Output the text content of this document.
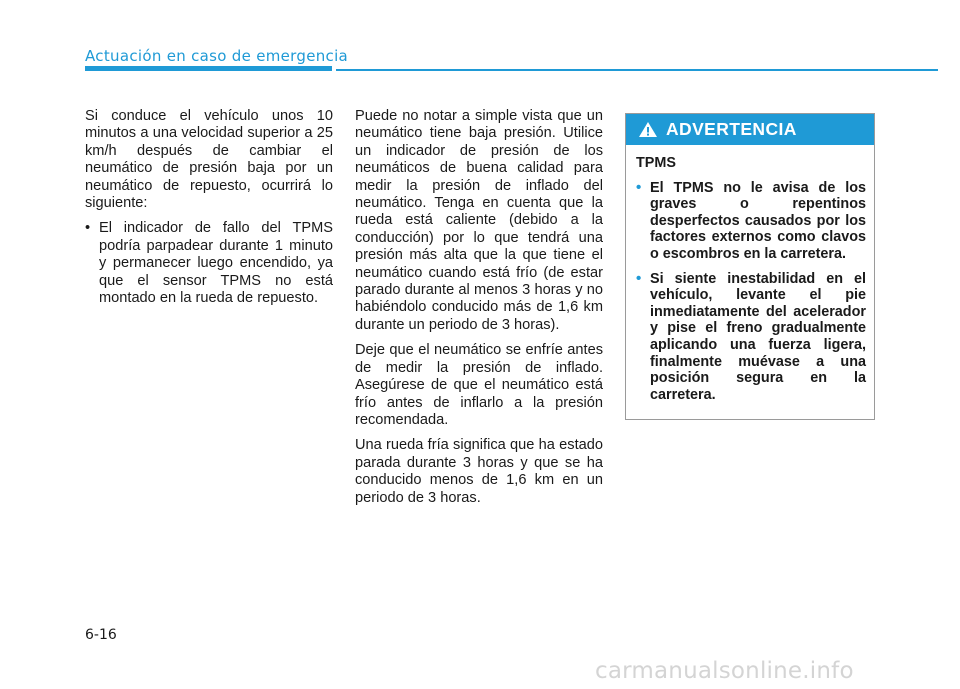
Actuación en caso de emergencia

Si conduce el vehículo unos 10 minutos a una velocidad superior a 25 km/h después de cambiar el neumático de presión baja por un neumático de repuesto, ocurrirá lo siguiente:

• El indicador de fallo del TPMS podría parpadear durante 1 minuto y permanecer luego encendido, ya que el sensor TPMS no está montado en la rueda de repuesto.

Puede no notar a simple vista que un neumático tiene baja presión. Utilice un indicador de presión de los neumáticos de buena calidad para medir la presión de inflado del neumático. Tenga en cuenta que la rueda está caliente (debido a la conducción) por lo que tendrá una presión más alta que la que tiene el neumático cuando está frío (de estar parado durante al menos 3 horas y no habiéndolo conducido más de 1,6 km durante un periodo de 3 horas).

Deje que el neumático se enfríe antes de medir la presión de inflado. Asegúrese de que el neumático está frío antes de inflarlo a la presión recomendada.

Una rueda fría significa que ha estado parada durante 3 horas y que se ha conducido menos de 1,6 km en un periodo de 3 horas.

ADVERTENCIA
TPMS
• El TPMS no le avisa de los graves o repentinos desperfectos causados por los factores externos como clavos o escombros en la carretera.
• Si siente inestabilidad en el vehículo, levante el pie inmediatamente del acelerador y pise el freno gradualmente aplicando una fuerza ligera, finalmente muévase a una posición segura en la carretera.
6-16
carmanualsonline.info
